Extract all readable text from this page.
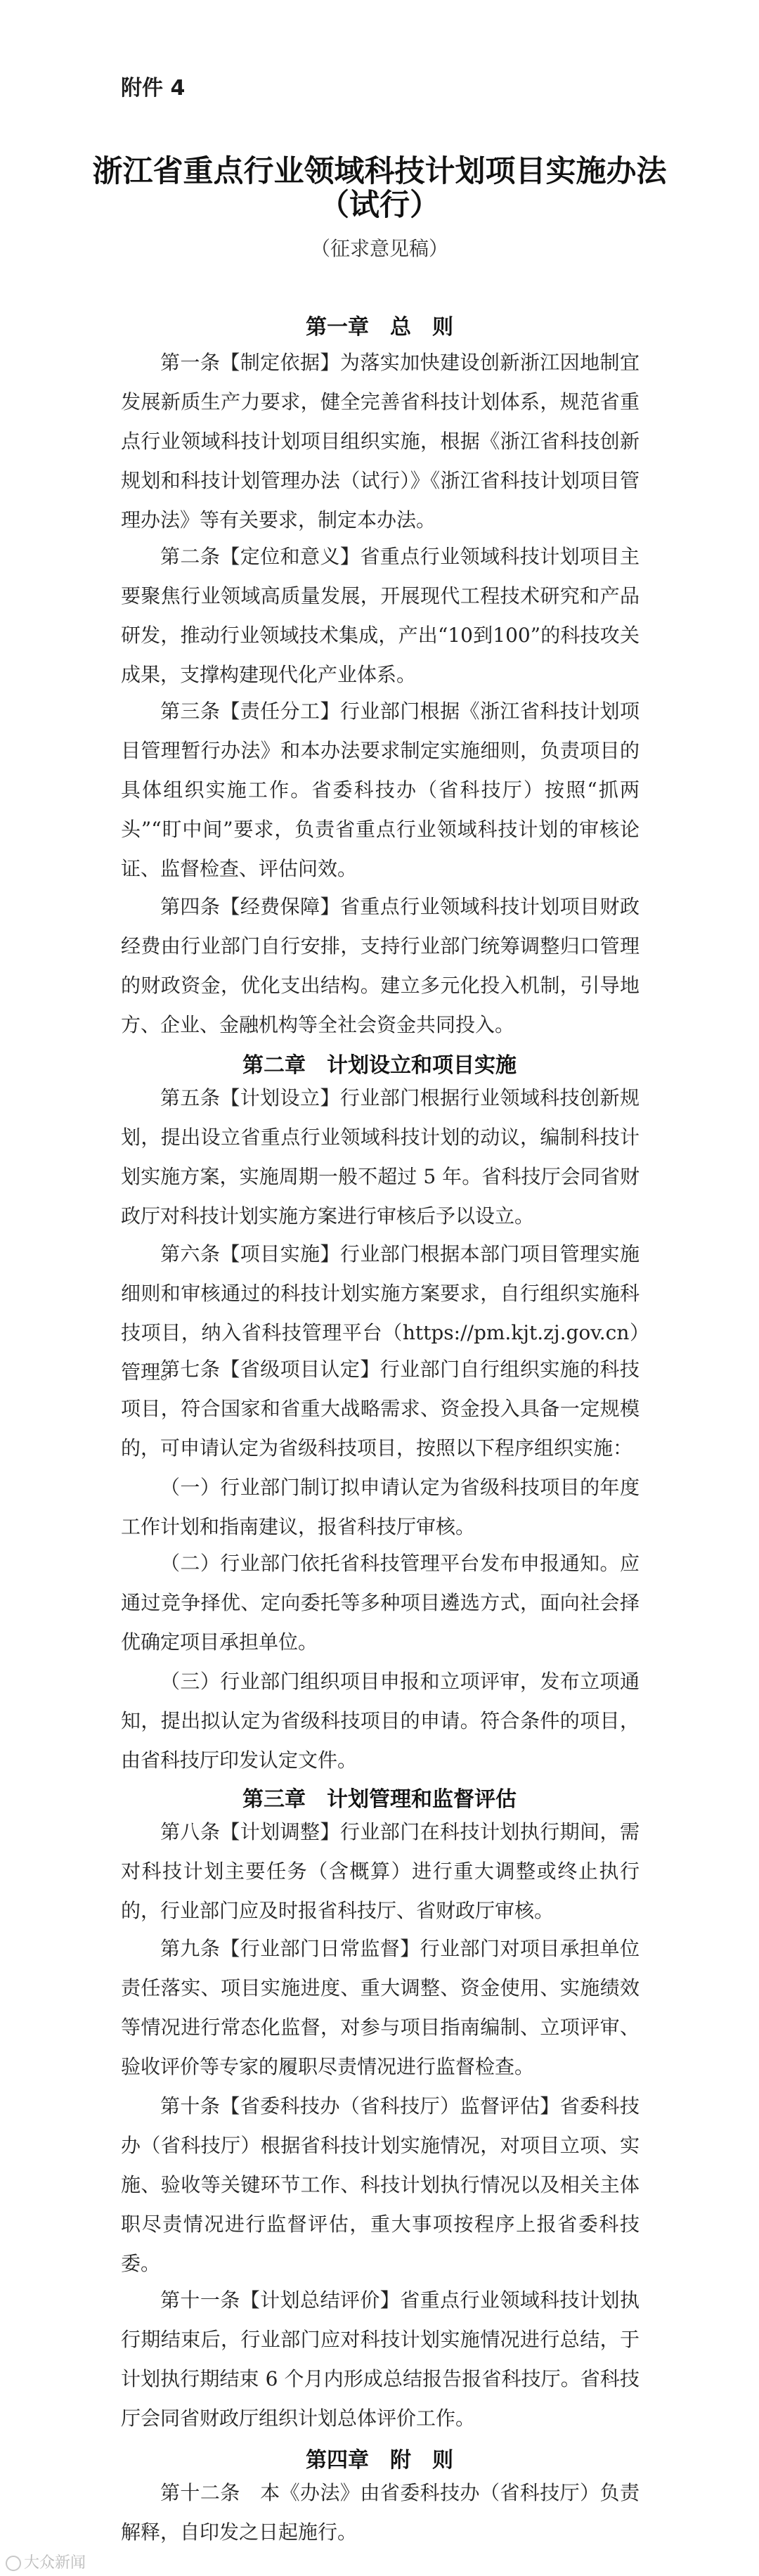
附件 4
浙江省重点行业领域科技计划项目实施办法
（试行）
（征求意见稿）
第一章　总　则
第一条【制定依据】为落实加快建设创新浙江因地制宜发展新质生产力要求，健全完善省科技计划体系，规范省重点行业领域科技计划项目组织实施，根据《浙江省科技创新规划和科技计划管理办法（试行）》《浙江省科技计划项目管理办法》等有关要求，制定本办法。
第二条【定位和意义】省重点行业领域科技计划项目主要聚焦行业领域高质量发展，开展现代工程技术研究和产品研发，推动行业领域技术集成，产出“10到100”的科技攻关成果，支撑构建现代化产业体系。
第三条【责任分工】行业部门根据《浙江省科技计划项目管理暂行办法》和本办法要求制定实施细则，负责项目的具体组织实施工作。省委科技办（省科技厅）按照“抓两头”“盯中间”要求，负责省重点行业领域科技计划的审核论证、监督检查、评估问效。
第四条【经费保障】省重点行业领域科技计划项目财政经费由行业部门自行安排，支持行业部门统筹调整归口管理的财政资金，优化支出结构。建立多元化投入机制，引导地方、企业、金融机构等全社会资金共同投入。
第二章　计划设立和项目实施
第五条【计划设立】行业部门根据行业领域科技创新规划，提出设立省重点行业领域科技计划的动议，编制科技计划实施方案，实施周期一般不超过 5 年。省科技厅会同省财政厅对科技计划实施方案进行审核后予以设立。
第六条【项目实施】行业部门根据本部门项目管理实施细则和审核通过的科技计划实施方案要求，自行组织实施科技项目，纳入省科技管理平台（https://pm.kjt.zj.gov.cn）管理。
第七条【省级项目认定】行业部门自行组织实施的科技项目，符合国家和省重大战略需求、资金投入具备一定规模的，可申请认定为省级科技项目，按照以下程序组织实施：
（一）行业部门制订拟申请认定为省级科技项目的年度工作计划和指南建议，报省科技厅审核。
（二）行业部门依托省科技管理平台发布申报通知。应通过竞争择优、定向委托等多种项目遴选方式，面向社会择优确定项目承担单位。
（三）行业部门组织项目申报和立项评审，发布立项通知，提出拟认定为省级科技项目的申请。符合条件的项目，由省科技厅印发认定文件。
第三章　计划管理和监督评估
第八条【计划调整】行业部门在科技计划执行期间，需对科技计划主要任务（含概算）进行重大调整或终止执行的，行业部门应及时报省科技厅、省财政厅审核。
第九条【行业部门日常监督】行业部门对项目承担单位责任落实、项目实施进度、重大调整、资金使用、实施绩效等情况进行常态化监督，对参与项目指南编制、立项评审、验收评价等专家的履职尽责情况进行监督检查。
第十条【省委科技办（省科技厅）监督评估】省委科技办（省科技厅）根据省科技计划实施情况，对项目立项、实施、验收等关键环节工作、科技计划执行情况以及相关主体职尽责情况进行监督评估，重大事项按程序上报省委科技委。
第十一条【计划总结评价】省重点行业领域科技计划执行期结束后，行业部门应对科技计划实施情况进行总结，于计划执行期结束 6 个月内形成总结报告报省科技厅。省科技厅会同省财政厅组织计划总体评价工作。
第四章　附　则
第十二条　本《办法》由省委科技办（省科技厅）负责解释，自印发之日起施行。
大众新闻
